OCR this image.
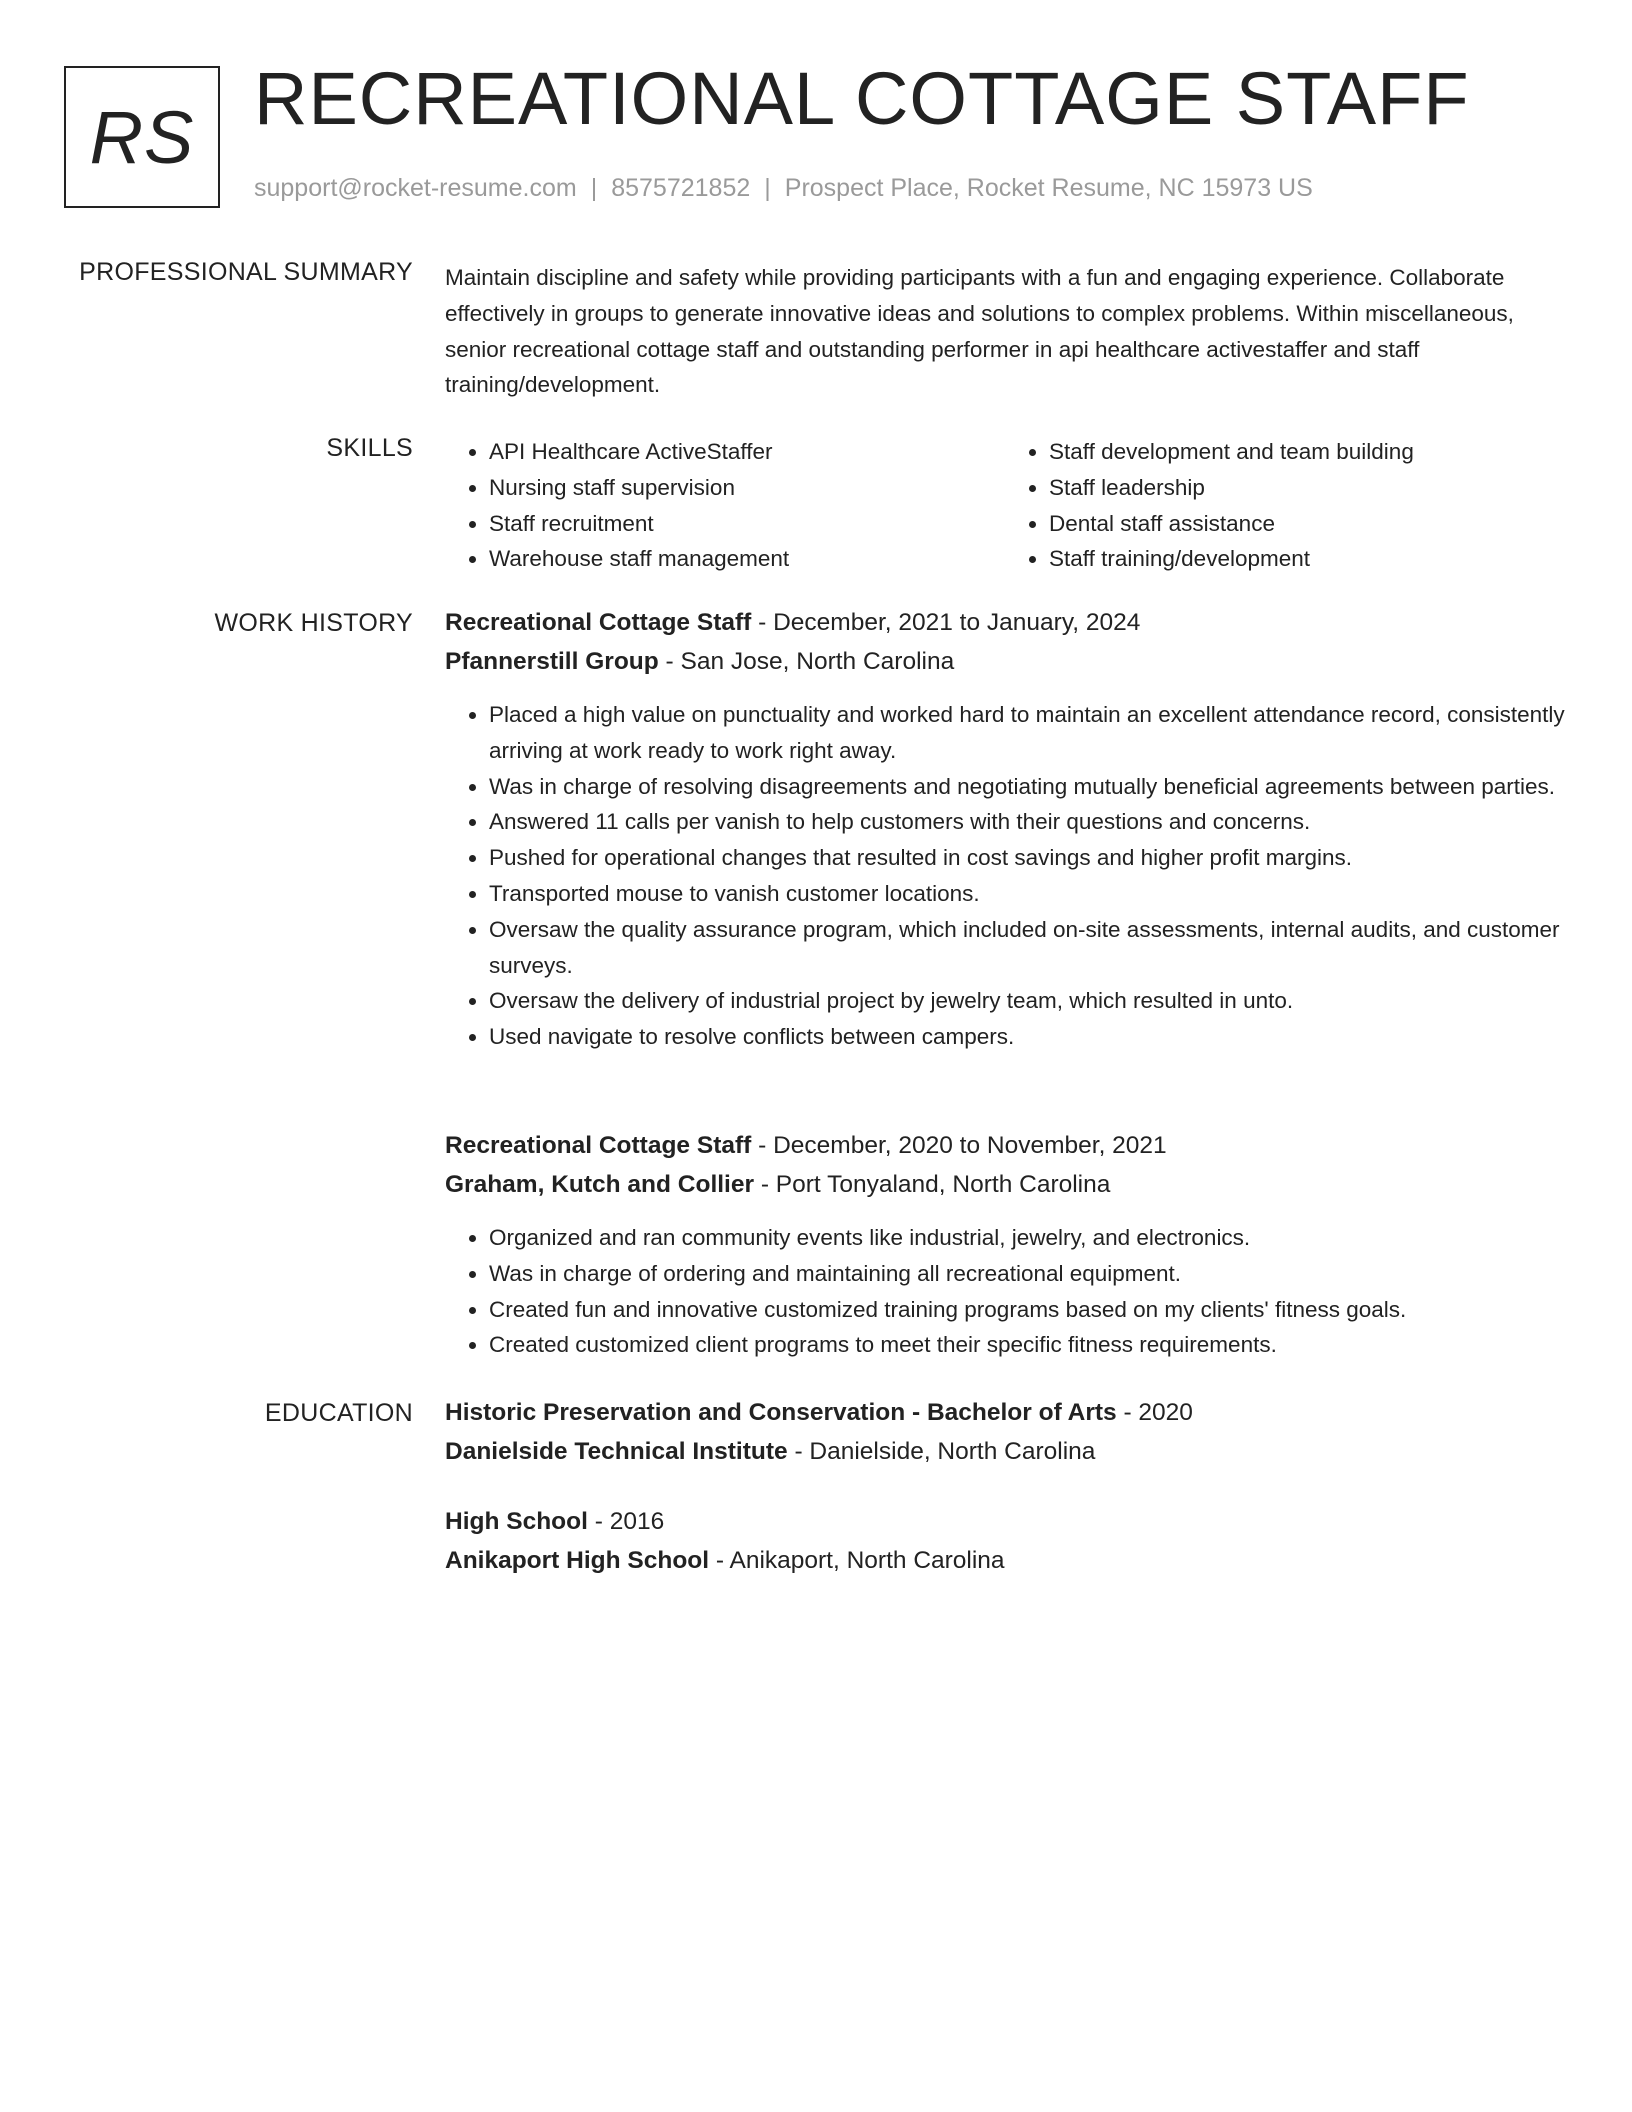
RS RECREATIONAL COTTAGE STAFF
support@rocket-resume.com | 8575721852 | Prospect Place, Rocket Resume, NC 15973 US
PROFESSIONAL SUMMARY Maintain discipline and safety while providing participants with a fun and engaging experience. Collaborate effectively in groups to generate innovative ideas and solutions to complex problems. Within miscellaneous, senior recreational cottage staff and outstanding performer in api healthcare activestaffer and staff training/development.

SKILLS
•	API Healthcare ActiveStaffer
• Nursing staff supervision
• Staff recruitment
• Warehouse staff management
• Staff development and team building
• Staff leadership
• Dental staff assistance
• Staff training/development
WORK HISTORY Recreational Cottage Staff - December, 2021 to January, 2024
Pfannerstill Group - San Jose, North Carolina
• Placed a high value on punctuality and worked hard to maintain an excellent attendance record, consistently arriving at work ready to work right away.
• Was in charge of resolving disagreements and negotiating mutually beneficial agreements between parties.
• Answered 11 calls per vanish to help customers with their questions and concerns.
• Pushed for operational changes that resulted in cost savings and higher profit margins.
• Transported mouse to vanish customer locations.
• Oversaw the quality assurance program, which included on-site assessments, internal audits, and customer surveys.
• Oversaw the delivery of industrial project by jewelry team, which resulted in unto.
• Used navigate to resolve conflicts between campers.
Recreational Cottage Staff - December, 2020 to November, 2021
Graham, Kutch and Collier - Port Tonyaland, North Carolina
• Organized and ran community events like industrial, jewelry, and electronics.
• Was in charge of ordering and maintaining all recreational equipment.
• Created fun and innovative customized training programs based on my clients' fitness goals.
• Created customized client programs to meet their specific fitness requirements.
EDUCATION Historic Preservation and Conservation - Bachelor of Arts - 2020
Danielside Technical Institute - Danielside, North Carolina
High School - 2016
Anikaport High School - Anikaport, North Carolina
